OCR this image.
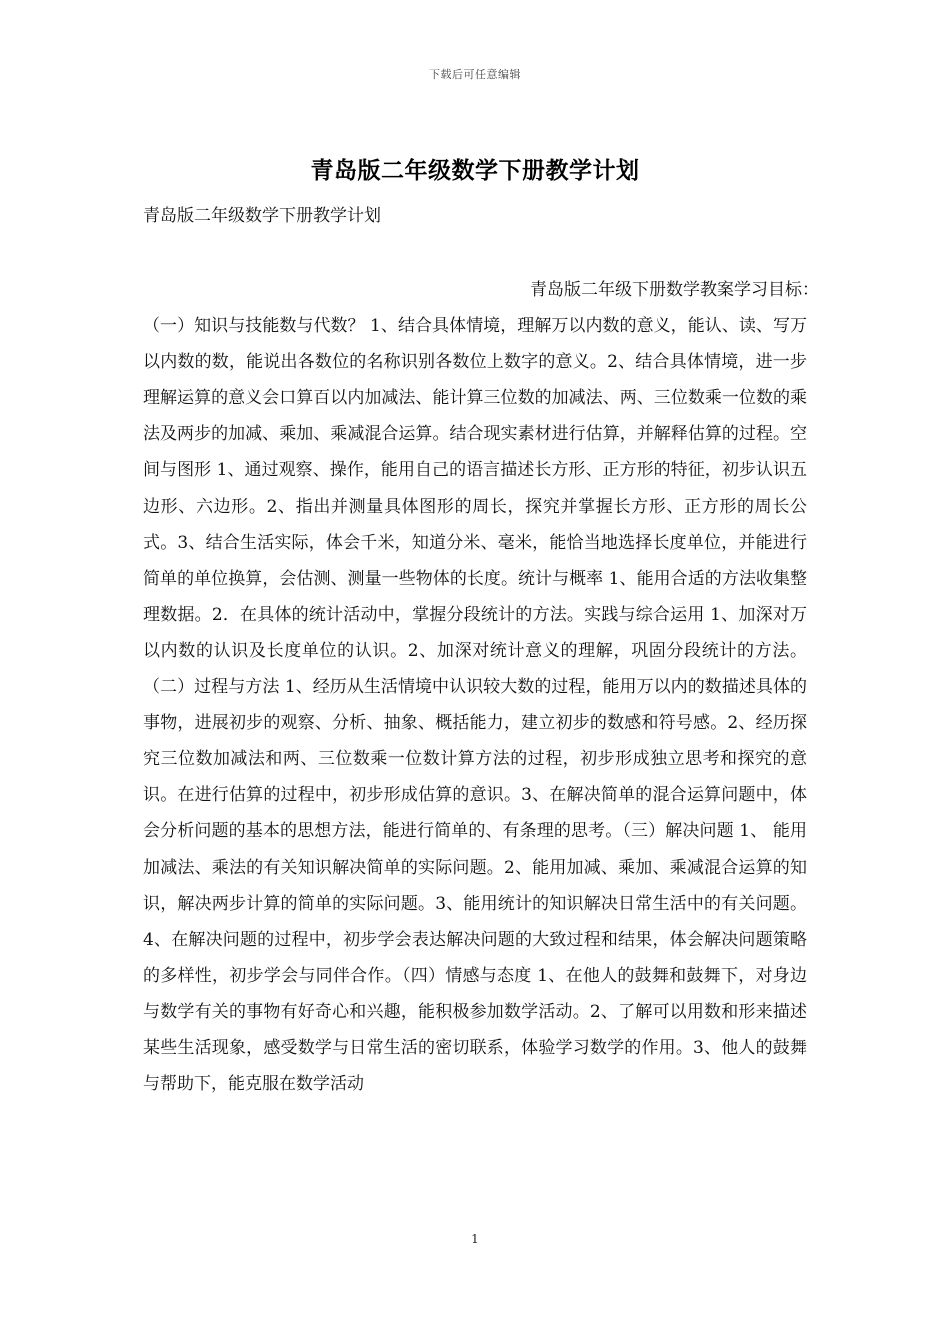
下载后可任意编辑
青岛版二年级数学下册教学计划

青岛版二年级数学下册教学计划

青岛版二年级下册数学教案学习目标：
（一）知识与技能数与代数？ 1、结合具体情境，理解万以内数的意义，能认、读、写万以内数的数，能说出各数位的名称识别各数位上数字的意义。2、结合具体情境，进一步理解运算的意义会口算百以内加减法、能计算三位数的加减法、两、三位数乘一位数的乘法及两步的加减、乘加、乘减混合运算。结合现实素材进行估算，并解释估算的过程。空间与图形 1、通过观察、操作，能用自己的语言描述长方形、正方形的特征，初步认识五边形、六边形。2、指出并测量具体图形的周长，探究并掌握长方形、正方形的周长公式。3、结合生活实际，体会千米，知道分米、毫米，能恰当地选择长度单位，并能进行简单的单位换算，会估测、测量一些物体的长度。统计与概率 1、能用合适的方法收集整理数据。2．在具体的统计活动中，掌握分段统计的方法。实践与综合运用 1、加深对万以内数的认识及长度单位的认识。2、加深对统计意义的理解，巩固分段统计的方法。（二）过程与方法 1、经历从生活情境中认识较大数的过程，能用万以内的数描述具体的事物，进展初步的观察、分析、抽象、概括能力，建立初步的数感和符号感。2、经历探究三位数加减法和两、三位数乘一位数计算方法的过程，初步形成独立思考和探究的意识。在进行估算的过程中，初步形成估算的意识。3、在解决简单的混合运算问题中，体会分析问题的基本的思想方法，能进行简单的、有条理的思考。（三）解决问题 1、 能用加减法、乘法的有关知识解决简单的实际问题。2、能用加减、乘加、乘减混合运算的知识，解决两步计算的简单的实际问题。3、能用统计的知识解决日常生活中的有关问题。4、在解决问题的过程中，初步学会表达解决问题的大致过程和结果，体会解决问题策略的多样性，初步学会与同伴合作。（四）情感与态度 1、在他人的鼓舞和鼓舞下，对身边与数学有关的事物有好奇心和兴趣，能积极参加数学活动。2、了解可以用数和形来描述某些生活现象，感受数学与日常生活的密切联系，体验学习数学的作用。3、他人的鼓舞与帮助下，能克服在数学活动
1
